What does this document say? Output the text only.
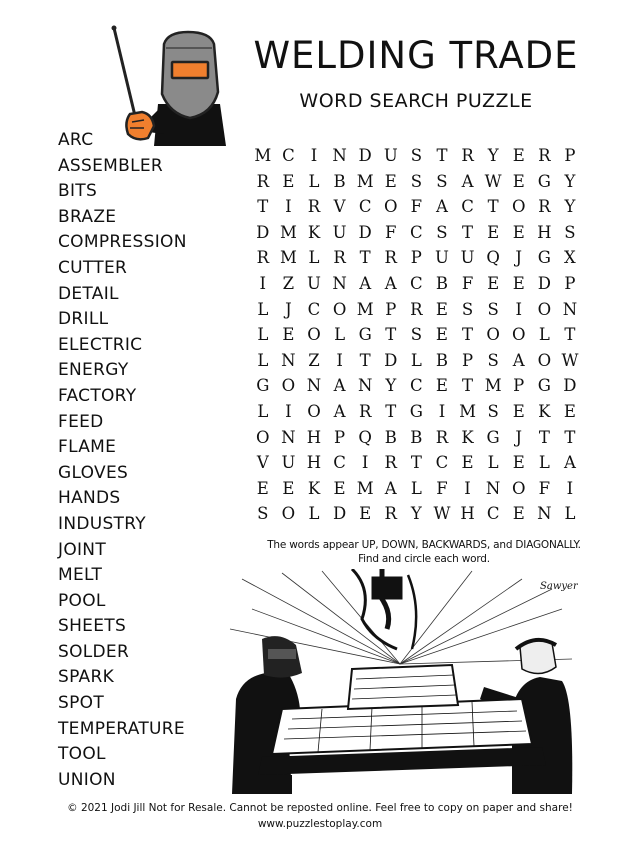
WELDING TRADE
WORD SEARCH PUZZLE
ARC
ASSEMBLER
BITS
BRAZE
COMPRESSION
CUTTER
DETAIL
DRILL
ELECTRIC
ENERGY
FACTORY
FEED
FLAME
GLOVES
HANDS
INDUSTRY
JOINT
MELT
POOL
SHEETS
SOLDER
SPARK
SPOT
TEMPERATURE
TOOL
UNION
M C I N D U S T R Y E R P
R E L B M E S S A W E G Y
T	I R V C O F A C T O R Y
D M K U D F C S T E E H S
R M L R T R P U U Q J G X
I	Z U N A A C B F E E D P
L	J C O M P R E S S	I O N
L E O L G T S E T O O L T
L N Z	I	T D L B P S A O W
G O N A N Y C E T M P G D
L	I O A R T G I M S E K E
O N H P Q B B R K G J	T T
V U H C I R T C E L E L A
E E K E M A L F	I N O F	I
S O L D E R Y W H C E N L
The words appear UP, DOWN, BACKWARDS, and DIAGONALLY.
Find and circle each word.
Sawyer
© 2021 Jodi Jill Not for Resale. Cannot be reposted online. Feel free to copy on paper and share!
www.puzzlestoplay.com
